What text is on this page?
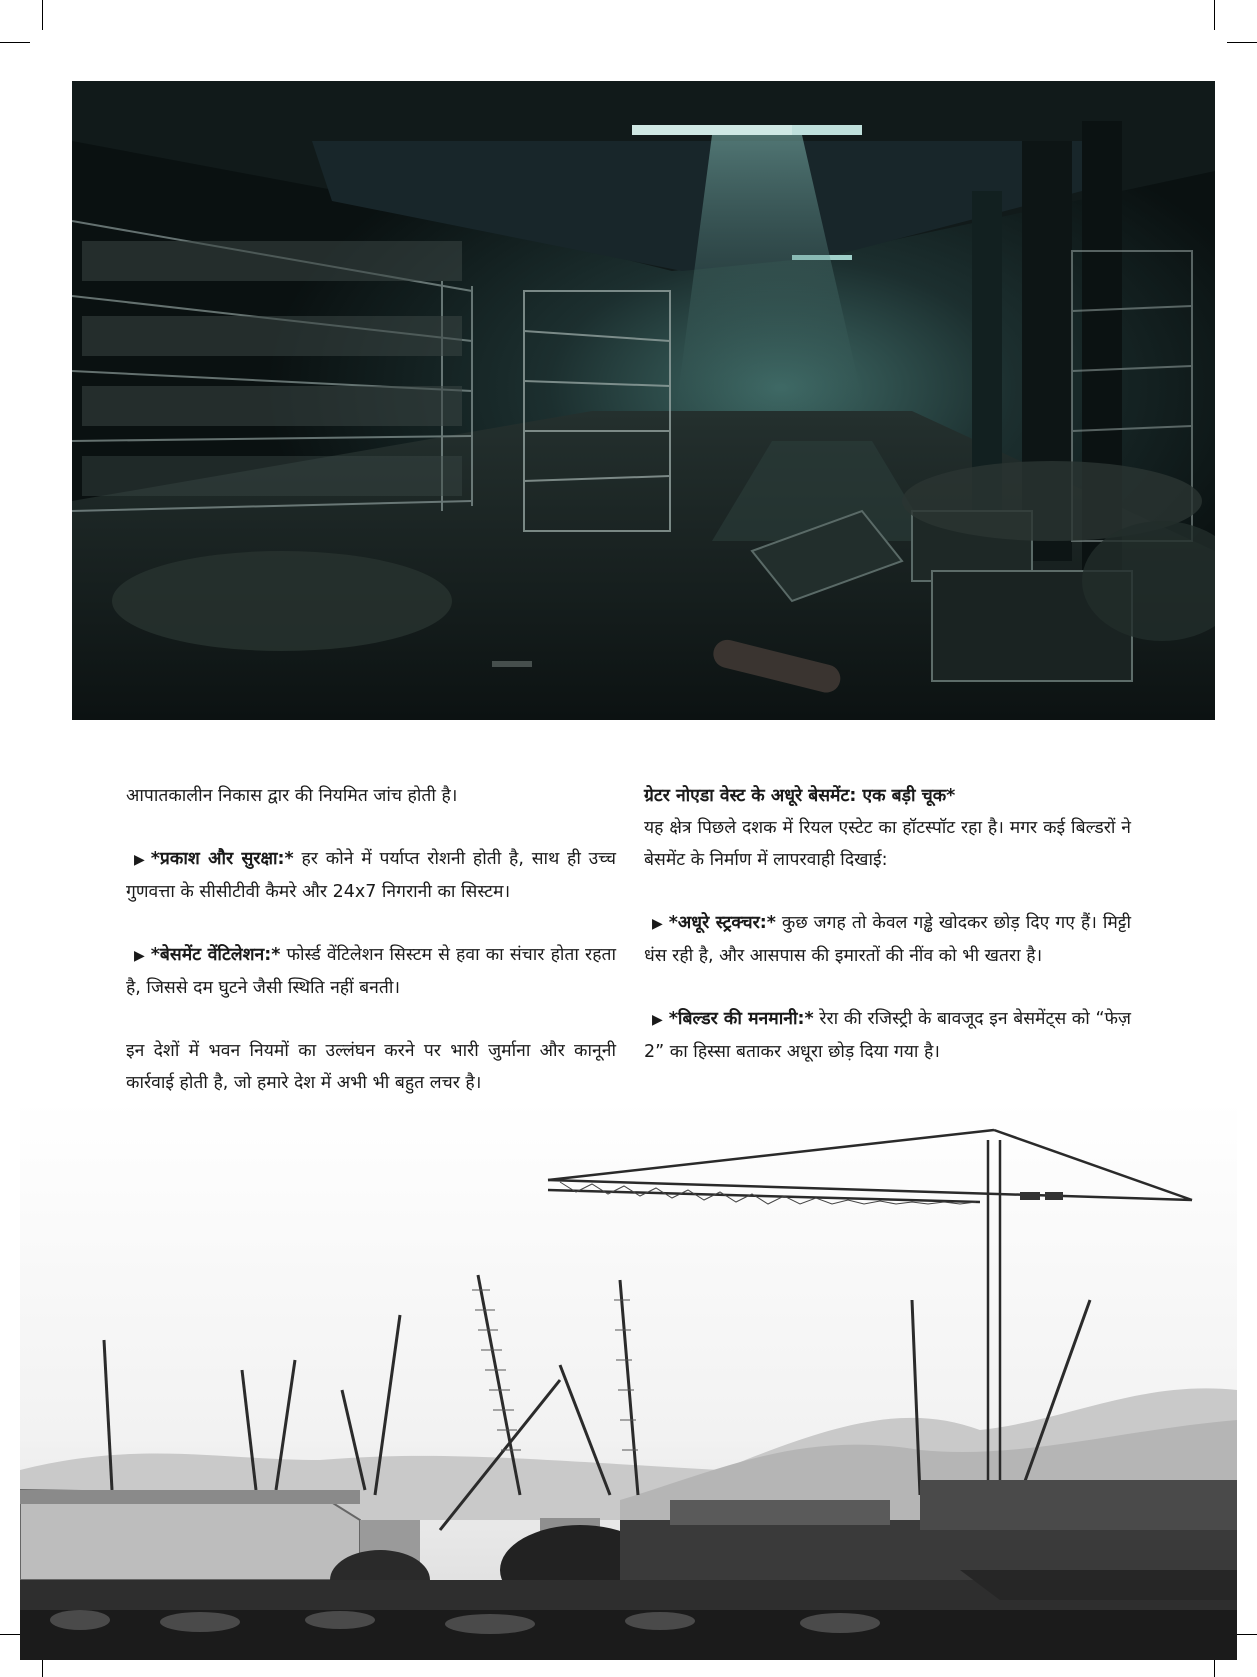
आपातकालीन निकास द्वार की नियमित जांच होती है।

▶ *प्रकाश और सुरक्षा:* हर कोने में पर्याप्त रोशनी होती है, साथ ही उच्च गुणवत्ता के सीसीटीवी कैमरे और 24x7 निगरानी का सिस्टम।

▶ *बेसमेंट वेंटिलेशन:* फोर्स्ड वेंटिलेशन सिस्टम से हवा का संचार होता रहता है, जिससे दम घुटने जैसी स्थिति नहीं बनती।

इन देशों में भवन नियमों का उल्लंघन करने पर भारी जुर्माना और कानूनी कार्रवाई होती है, जो हमारे देश में अभी भी बहुत लचर है।

ग्रेटर नोएडा वेस्ट के अधूरे बेसमेंट: एक बड़ी चूक*

यह क्षेत्र पिछले दशक में रियल एस्टेट का हॉटस्पॉट रहा है। मगर कई बिल्डरों ने बेसमेंट के निर्माण में लापरवाही दिखाई:

▶ *अधूरे स्ट्रक्चर:* कुछ जगह तो केवल गड्ढे खोदकर छोड़ दिए गए हैं। मिट्टी धंस रही है, और आसपास की इमारतों की नींव को भी खतरा है।

▶ *बिल्डर की मनमानी:* रेरा की रजिस्ट्री के बावजूद इन बेसमेंट्स को “फेज़ 2” का हिस्सा बताकर अधूरा छोड़ दिया गया है।
